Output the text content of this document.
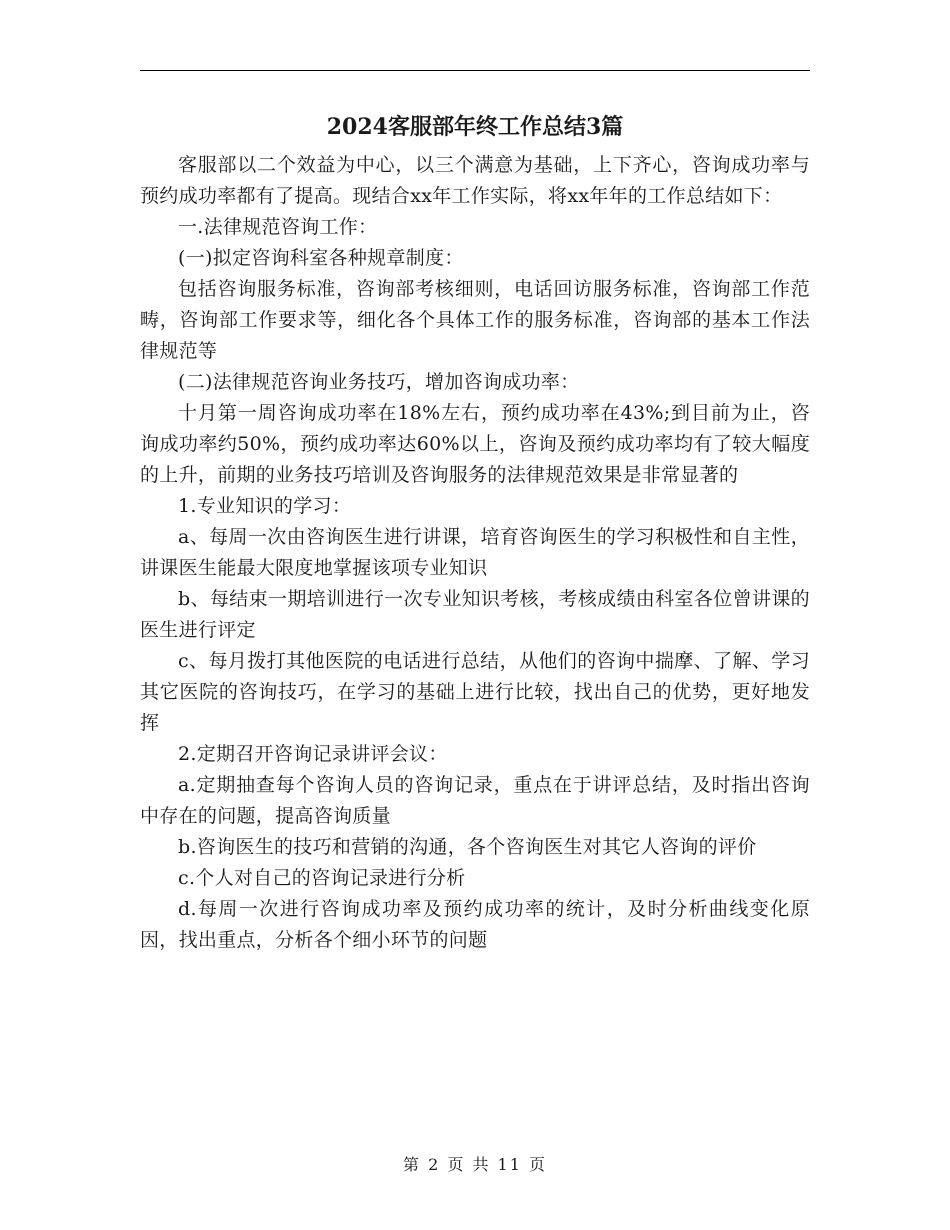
2024客服部年终工作总结3篇

客服部以二个效益为中心，以三个满意为基础，上下齐心，咨询成功率与预约成功率都有了提高。现结合xx年工作实际，将xx年年的工作总结如下：

一.法律规范咨询工作：

(一)拟定咨询科室各种规章制度：

包括咨询服务标准，咨询部考核细则，电话回访服务标准，咨询部工作范畴，咨询部工作要求等，细化各个具体工作的服务标准，咨询部的基本工作法律规范等

(二)法律规范咨询业务技巧，增加咨询成功率：

十月第一周咨询成功率在18%左右，预约成功率在43%;到目前为止，咨询成功率约50%，预约成功率达60%以上，咨询及预约成功率均有了较大幅度的上升，前期的业务技巧培训及咨询服务的法律规范效果是非常显著的

1.专业知识的学习：

a、每周一次由咨询医生进行讲课，培育咨询医生的学习积极性和自主性，讲课医生能最大限度地掌握该项专业知识

b、每结束一期培训进行一次专业知识考核，考核成绩由科室各位曾讲课的医生进行评定

c、每月拨打其他医院的电话进行总结，从他们的咨询中揣摩、了解、学习其它医院的咨询技巧，在学习的基础上进行比较，找出自己的优势，更好地发挥

2.定期召开咨询记录讲评会议：

a.定期抽查每个咨询人员的咨询记录，重点在于讲评总结，及时指出咨询中存在的问题，提高咨询质量

b.咨询医生的技巧和营销的沟通，各个咨询医生对其它人咨询的评价

c.个人对自己的咨询记录进行分析

d.每周一次进行咨询成功率及预约成功率的统计，及时分析曲线变化原因，找出重点，分析各个细小环节的问题

第 2 页 共 11 页
